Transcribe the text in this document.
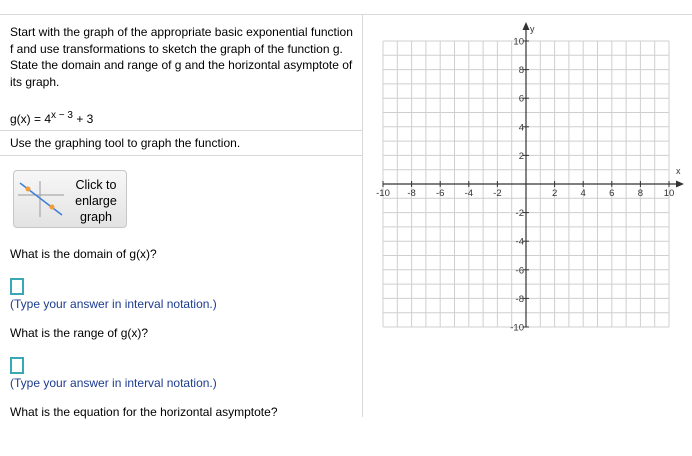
Start with the graph of the appropriate basic exponential function f and use transformations to sketch the graph of the function g. State the domain and range of g and the horizontal asymptote of its graph.
$g(x) = 4^{x - 3} + 3$
Use the graphing tool to graph the function.
Click to enlarge graph
What is the domain of g(x)?
(Type your answer in interval notation.)
What is the range of g(x)?
(Type your answer in interval notation.)
What is the equation for the horizontal asymptote?
x
y
-10 -8 -6 -4 -2	2 4 6 8 10
10
8
6
4
2
-2
-4
-6
-8
-10
